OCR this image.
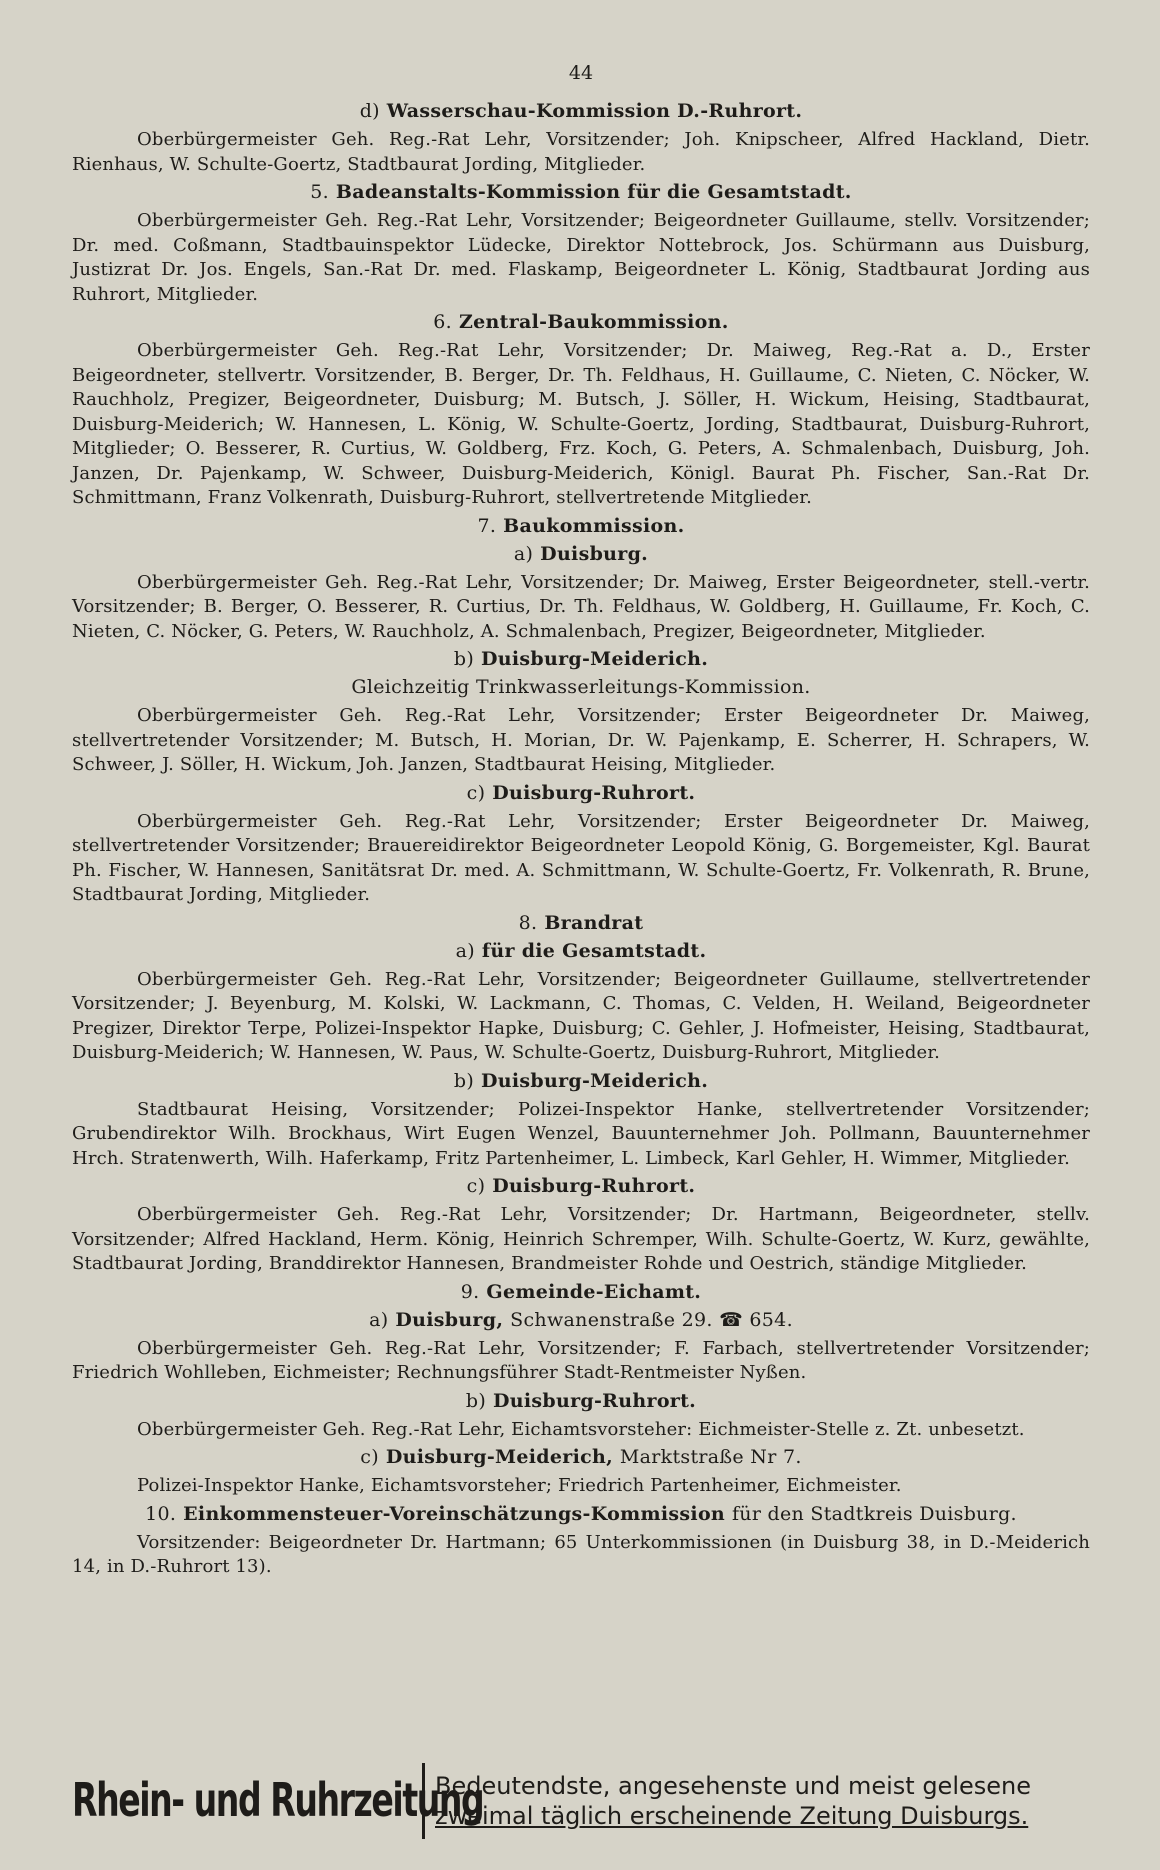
44
d) Wasserschau-Kommission D.-Ruhrort.

Oberbürgermeister Geh. Reg.-Rat Lehr, Vorsitzender; Joh. Knipscheer, Alfred Hackland, Dietr. Rienhaus, W. Schulte-Goertz, Stadtbaurat Jording, Mitglieder.

5. Badeanstalts-Kommission für die Gesamtstadt.

Oberbürgermeister Geh. Reg.-Rat Lehr, Vorsitzender; Beigeordneter Guillaume, stellv. Vorsitzender; Dr. med. Coßmann, Stadtbauinspektor Lüdecke, Direktor Nottebrock, Jos. Schürmann aus Duisburg, Justizrat Dr. Jos. Engels, San.-Rat Dr. med. Flaskamp, Beigeordneter L. König, Stadtbaurat Jording aus Ruhrort, Mitglieder.

6. Zentral-Baukommission.

Oberbürgermeister Geh. Reg.-Rat Lehr, Vorsitzender; Dr. Maiweg, Reg.-Rat a. D., Erster Beigeordneter, stellvertr. Vorsitzender, B. Berger, Dr. Th. Feldhaus, H. Guillaume, C. Nieten, C. Nöcker, W. Rauchholz, Pregizer, Beigeordneter, Duisburg; M. Butsch, J. Söller, H. Wickum, Heising, Stadtbaurat, Duisburg-Meiderich; W. Hannesen, L. König, W. Schulte-Goertz, Jording, Stadtbaurat, Duisburg-Ruhrort, Mitglieder; O. Besserer, R. Curtius, W. Goldberg, Frz. Koch, G. Peters, A. Schmalenbach, Duisburg, Joh. Janzen, Dr. Pajenkamp, W. Schweer, Duisburg-Meiderich, Königl. Baurat Ph. Fischer, San.-Rat Dr. Schmittmann, Franz Volkenrath, Duisburg-Ruhrort, stellvertretende Mitglieder.

7. Baukommission.
a) Duisburg.

Oberbürgermeister Geh. Reg.-Rat Lehr, Vorsitzender; Dr. Maiweg, Erster Beigeordneter, stell.-vertr. Vorsitzender; B. Berger, O. Besserer, R. Curtius, Dr. Th. Feldhaus, W. Goldberg, H. Guillaume, Fr. Koch, C. Nieten, C. Nöcker, G. Peters, W. Rauchholz, A. Schmalenbach, Pregizer, Beigeordneter, Mitglieder.

b) Duisburg-Meiderich.
Gleichzeitig Trinkwasserleitungs-Kommission.

Oberbürgermeister Geh. Reg.-Rat Lehr, Vorsitzender; Erster Beigeordneter Dr. Maiweg, stellvertretender Vorsitzender; M. Butsch, H. Morian, Dr. W. Pajenkamp, E. Scherrer, H. Schrapers, W. Schweer, J. Söller, H. Wickum, Joh. Janzen, Stadtbaurat Heising, Mitglieder.

c) Duisburg-Ruhrort.

Oberbürgermeister Geh. Reg.-Rat Lehr, Vorsitzender; Erster Beigeordneter Dr. Maiweg, stellvertretender Vorsitzender; Brauereidirektor Beigeordneter Leopold König, G. Borgemeister, Kgl. Baurat Ph. Fischer, W. Hannesen, Sanitätsrat Dr. med. A. Schmittmann, W. Schulte-Goertz, Fr. Volkenrath, R. Brune, Stadtbaurat Jording, Mitglieder.

8. Brandrat
a) für die Gesamtstadt.

Oberbürgermeister Geh. Reg.-Rat Lehr, Vorsitzender; Beigeordneter Guillaume, stellvertretender Vorsitzender; J. Beyenburg, M. Kolski, W. Lackmann, C. Thomas, C. Velden, H. Weiland, Beigeordneter Pregizer, Direktor Terpe, Polizei-Inspektor Hapke, Duisburg; C. Gehler, J. Hofmeister, Heising, Stadtbaurat, Duisburg-Meiderich; W. Hannesen, W. Paus, W. Schulte-Goertz, Duisburg-Ruhrort, Mitglieder.

b) Duisburg-Meiderich.

Stadtbaurat Heising, Vorsitzender; Polizei-Inspektor Hanke, stellvertretender Vorsitzender; Grubendirektor Wilh. Brockhaus, Wirt Eugen Wenzel, Bauunternehmer Joh. Pollmann, Bauunternehmer Hrch. Stratenwerth, Wilh. Haferkamp, Fritz Partenheimer, L. Limbeck, Karl Gehler, H. Wimmer, Mitglieder.

c) Duisburg-Ruhrort.

Oberbürgermeister Geh. Reg.-Rat Lehr, Vorsitzender; Dr. Hartmann, Beigeordneter, stellv. Vorsitzender; Alfred Hackland, Herm. König, Heinrich Schremper, Wilh. Schulte-Goertz, W. Kurz, gewählte, Stadtbaurat Jording, Branddirektor Hannesen, Brandmeister Rohde und Oestrich, ständige Mitglieder.

9. Gemeinde-Eichamt.
a) Duisburg, Schwanenstraße 29. ☎ 654.

Oberbürgermeister Geh. Reg.-Rat Lehr, Vorsitzender; F. Farbach, stellvertretender Vorsitzender; Friedrich Wohlleben, Eichmeister; Rechnungsführer Stadt-Rentmeister Nyßen.

b) Duisburg-Ruhrort.

Oberbürgermeister Geh. Reg.-Rat Lehr, Eichamtsvorsteher: Eichmeister-Stelle z. Zt. unbesetzt.

c) Duisburg-Meiderich, Marktstraße Nr 7.

Polizei-Inspektor Hanke, Eichamtsvorsteher; Friedrich Partenheimer, Eichmeister.

10. Einkommensteuer-Voreinschätzungs-Kommission für den Stadtkreis Duisburg.

Vorsitzender: Beigeordneter Dr. Hartmann; 65 Unterkommissionen (in Duisburg 38, in D.-Meiderich 14, in D.-Ruhrort 13).

Rhein- und Ruhrzeitung
Bedeutendste, angesehenste und meist gelesene
zweimal täglich erscheinende Zeitung Duisburgs.
